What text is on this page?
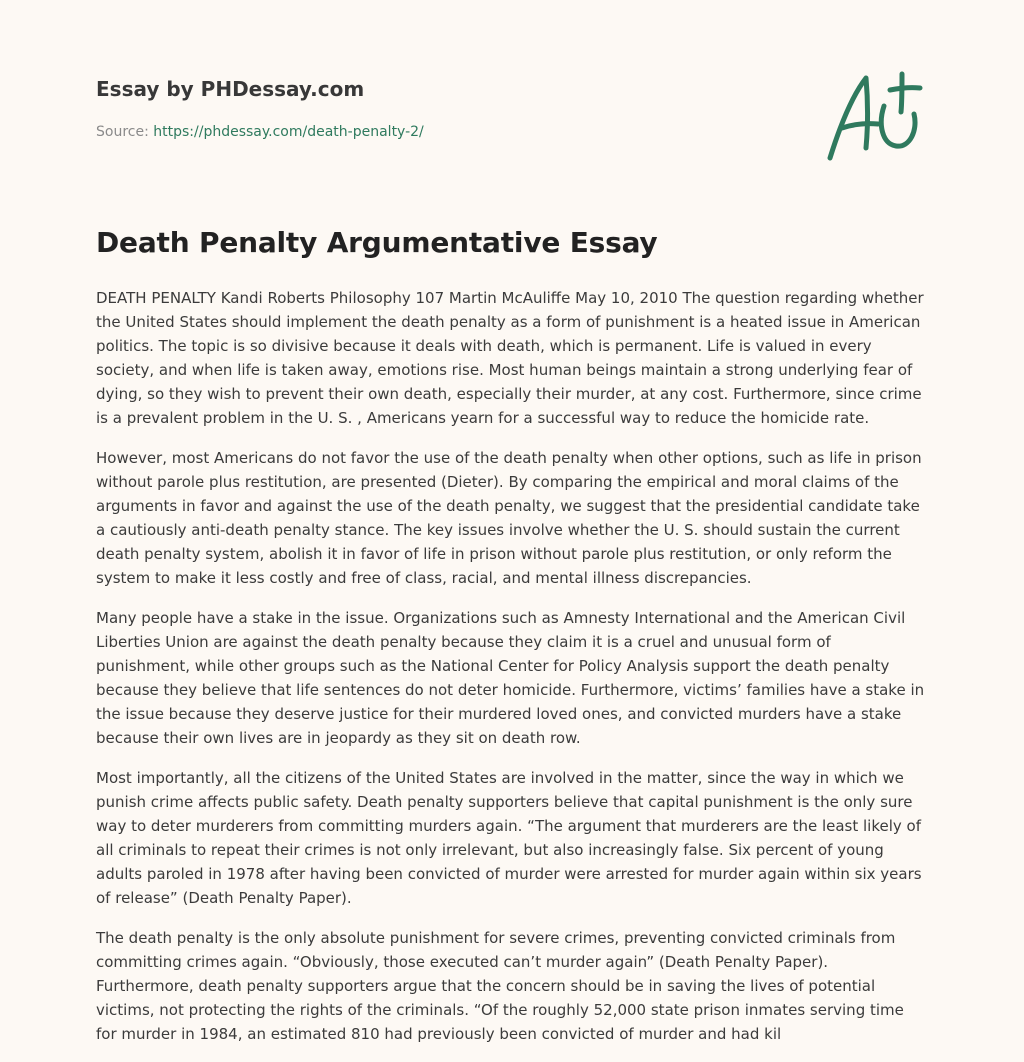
Essay by PHDessay.com
Source: https://phdessay.com/death-penalty-2/
Death Penalty Argumentative Essay

DEATH PENALTY Kandi Roberts Philosophy 107 Martin McAuliffe May 10, 2010 The question regarding whether the United States should implement the death penalty as a form of punishment is a heated issue in American politics. The topic is so divisive because it deals with death, which is permanent. Life is valued in every society, and when life is taken away, emotions rise. Most human beings maintain a strong underlying fear of dying, so they wish to prevent their own death, especially their murder, at any cost. Furthermore, since crime is a prevalent problem in the U. S. , Americans yearn for a successful way to reduce the homicide rate.

However, most Americans do not favor the use of the death penalty when other options, such as life in prison without parole plus restitution, are presented (Dieter). By comparing the empirical and moral claims of the arguments in favor and against the use of the death penalty, we suggest that the presidential candidate take a cautiously anti-death penalty stance. The key issues involve whether the U. S. should sustain the current death penalty system, abolish it in favor of life in prison without parole plus restitution, or only reform the system to make it less costly and free of class, racial, and mental illness discrepancies.

Many people have a stake in the issue. Organizations such as Amnesty International and the American Civil Liberties Union are against the death penalty because they claim it is a cruel and unusual form of punishment, while other groups such as the National Center for Policy Analysis support the death penalty because they believe that life sentences do not deter homicide. Furthermore, victims’ families have a stake in the issue because they deserve justice for their murdered loved ones, and convicted murders have a stake because their own lives are in jeopardy as they sit on death row.

Most importantly, all the citizens of the United States are involved in the matter, since the way in which we punish crime affects public safety. Death penalty supporters believe that capital punishment is the only sure way to deter murderers from committing murders again. “The argument that murderers are the least likely of all criminals to repeat their crimes is not only irrelevant, but also increasingly false. Six percent of young adults paroled in 1978 after having been convicted of murder were arrested for murder again within six years of release” (Death Penalty Paper).

The death penalty is the only absolute punishment for severe crimes, preventing convicted criminals from committing crimes again. “Obviously, those executed can’t murder again” (Death Penalty Paper). Furthermore, death penalty supporters argue that the concern should be in saving the lives of potential victims, not protecting the rights of the criminals. “Of the roughly 52,000 state prison inmates serving time for murder in 1984, an estimated 810 had previously been convicted of murder and had kil
